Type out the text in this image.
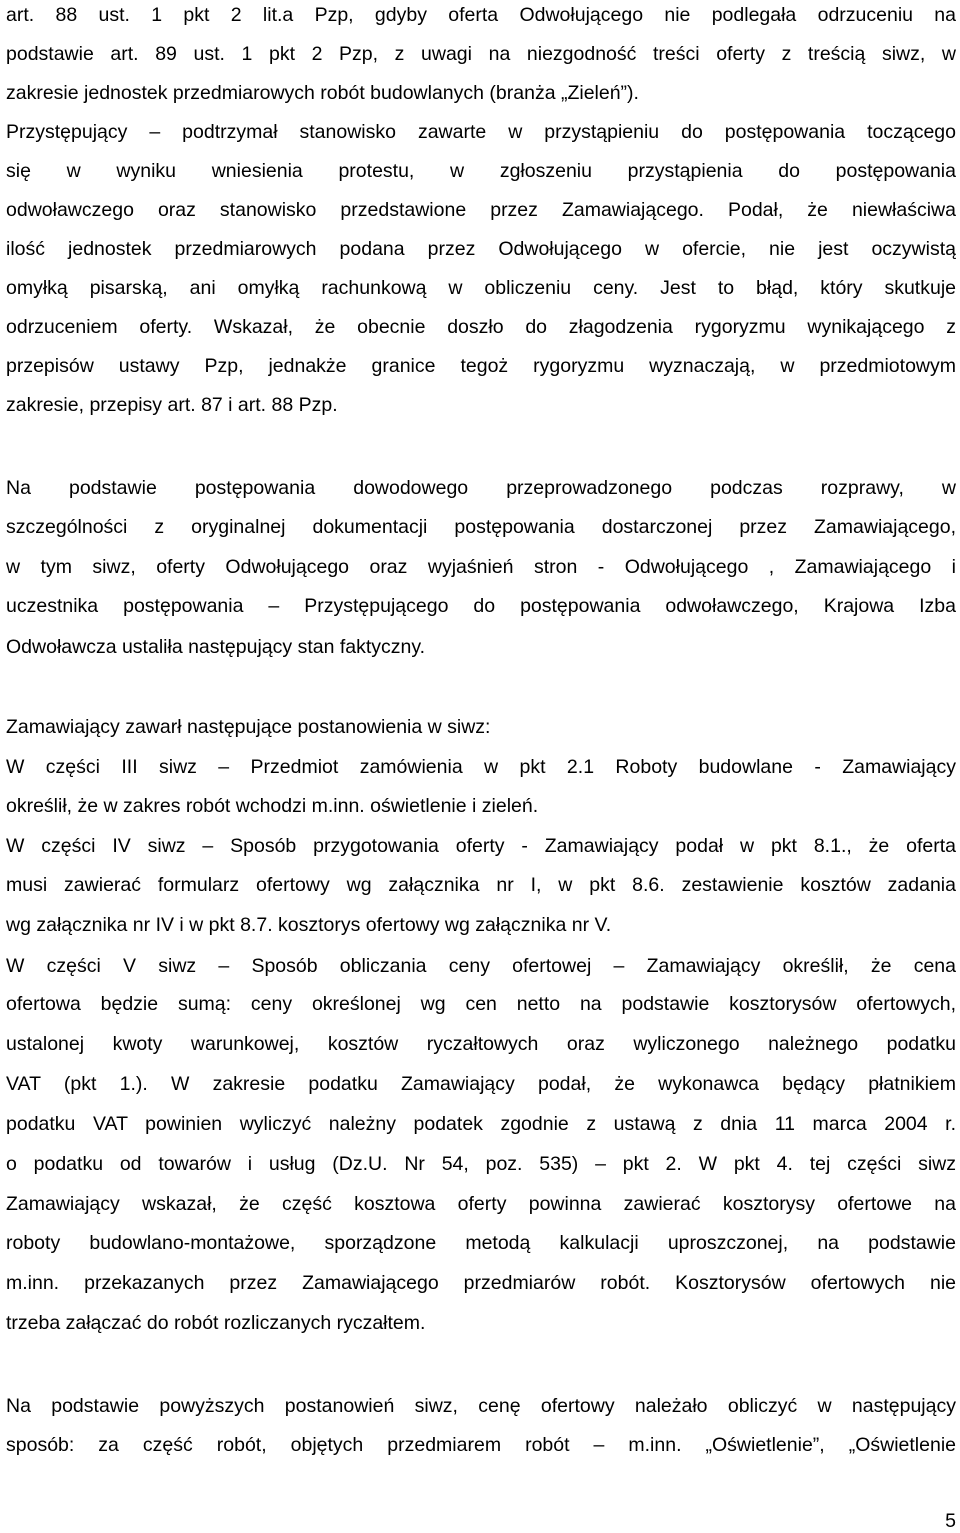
art. 88 ust. 1 pkt 2 lit.a Pzp, gdyby oferta Odwołującego nie podlegała odrzuceniu na
podstawie art. 89 ust. 1 pkt 2 Pzp, z uwagi na niezgodność treści oferty z treścią siwz, w
zakresie jednostek przedmiarowych robót budowlanych (branża „Zieleń”).
Przystępujący – podtrzymał stanowisko zawarte w przystąpieniu do postępowania toczącego
się w wyniku wniesienia protestu, w zgłoszeniu przystąpienia do postępowania
odwoławczego oraz stanowisko przedstawione przez Zamawiającego. Podał, że niewłaściwa
ilość jednostek przedmiarowych podana przez Odwołującego w ofercie, nie jest oczywistą
omyłką pisarską, ani omyłką rachunkową w obliczeniu ceny. Jest to błąd, który skutkuje
odrzuceniem oferty. Wskazał, że obecnie doszło do złagodzenia rygoryzmu wynikającego z
przepisów ustawy Pzp, jednakże granice tegoż rygoryzmu wyznaczają, w przedmiotowym
zakresie, przepisy art. 87 i art. 88 Pzp.
Na podstawie postępowania dowodowego przeprowadzonego podczas rozprawy, w
szczególności z oryginalnej dokumentacji postępowania dostarczonej przez Zamawiającego,
w tym siwz, oferty Odwołującego oraz wyjaśnień stron - Odwołującego , Zamawiającego i
uczestnika postępowania – Przystępującego do postępowania odwoławczego, Krajowa Izba
Odwoławcza ustaliła następujący stan faktyczny.
Zamawiający zawarł następujące postanowienia w siwz:
W części III siwz – Przedmiot zamówienia w pkt 2.1 Roboty budowlane - Zamawiający
określił, że w zakres robót wchodzi m.inn. oświetlenie i zieleń.
W części IV siwz – Sposób przygotowania oferty - Zamawiający podał w pkt 8.1., że oferta
musi zawierać formularz ofertowy wg załącznika nr I, w pkt 8.6. zestawienie kosztów zadania
wg załącznika nr IV i w pkt 8.7. kosztorys ofertowy wg załącznika nr V.
W części V siwz – Sposób obliczania ceny ofertowej – Zamawiający określił, że cena
ofertowa będzie sumą: ceny określonej wg cen netto na podstawie kosztorysów ofertowych,
ustalonej kwoty warunkowej, kosztów ryczałtowych oraz wyliczonego należnego podatku
VAT (pkt 1.). W zakresie podatku Zamawiający podał, że wykonawca będący płatnikiem
podatku VAT powinien wyliczyć należny podatek zgodnie z ustawą z dnia 11 marca 2004 r.
o podatku od towarów i usług (Dz.U. Nr 54, poz. 535) – pkt 2. W pkt 4. tej części siwz
Zamawiający wskazał, że część kosztowa oferty powinna zawierać kosztorysy ofertowe na
roboty budowlano-montażowe, sporządzone metodą kalkulacji uproszczonej, na podstawie
m.inn. przekazanych przez Zamawiającego przedmiarów robót. Kosztorysów ofertowych nie
trzeba załączać do robót rozliczanych ryczałtem.
Na podstawie powyższych postanowień siwz, cenę ofertowy należało obliczyć w następujący
sposób: za część robót, objętych przedmiarem robót – m.inn. „Oświetlenie”, „Oświetlenie
5
